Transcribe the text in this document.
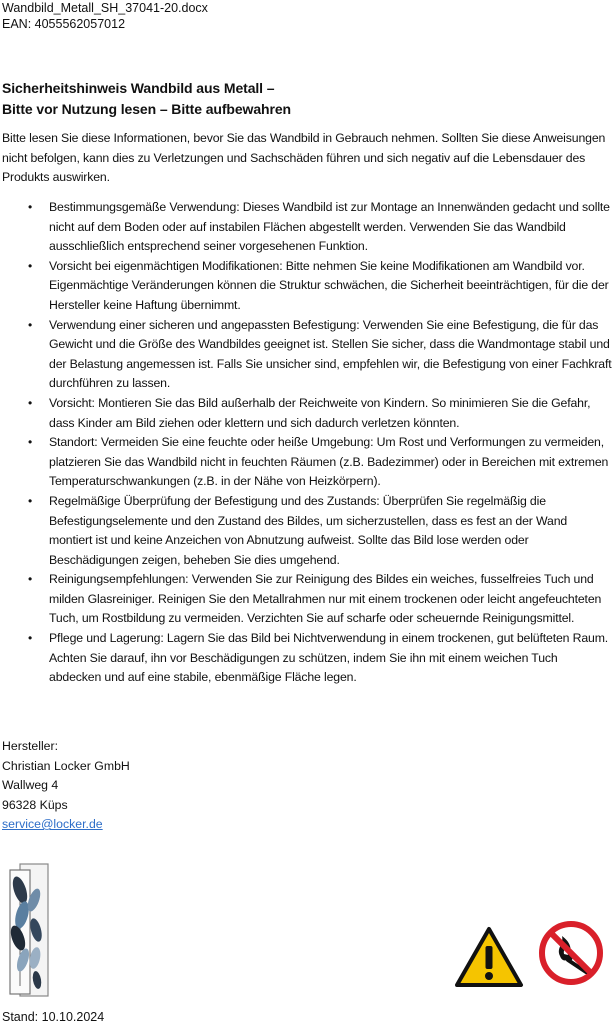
Wandbild_Metall_SH_37041-20.docx
EAN: 4055562057012
Sicherheitshinweis Wandbild aus Metall –
Bitte vor Nutzung lesen – Bitte aufbewahren
Bitte lesen Sie diese Informationen, bevor Sie das Wandbild in Gebrauch nehmen. Sollten Sie diese Anweisungen nicht befolgen, kann dies zu Verletzungen und Sachschäden führen und sich negativ auf die Lebensdauer des Produkts auswirken.
• Bestimmungsgemäße Verwendung: Dieses Wandbild ist zur Montage an Innenwänden gedacht und sollte nicht auf dem Boden oder auf instabilen Flächen abgestellt werden. Verwenden Sie das Wandbild ausschließlich entsprechend seiner vorgesehenen Funktion.
• Vorsicht bei eigenmächtigen Modifikationen: Bitte nehmen Sie keine Modifikationen am Wandbild vor. Eigenmächtige Veränderungen können die Struktur schwächen, die Sicherheit beeinträchtigen, für die der Hersteller keine Haftung übernimmt.
• Verwendung einer sicheren und angepassten Befestigung: Verwenden Sie eine Befestigung, die für das Gewicht und die Größe des Wandbildes geeignet ist. Stellen Sie sicher, dass die Wandmontage stabil und der Belastung angemessen ist. Falls Sie unsicher sind, empfehlen wir, die Befestigung von einer Fachkraft durchführen zu lassen.
• Vorsicht: Montieren Sie das Bild außerhalb der Reichweite von Kindern. So minimieren Sie die Gefahr, dass Kinder am Bild ziehen oder klettern und sich dadurch verletzen könnten.
• Standort: Vermeiden Sie eine feuchte oder heiße Umgebung: Um Rost und Verformungen zu vermeiden, platzieren Sie das Wandbild nicht in feuchten Räumen (z.B. Badezimmer) oder in Bereichen mit extremen Temperaturschwankungen (z.B. in der Nähe von Heizkörpern).
• Regelmäßige Überprüfung der Befestigung und des Zustands: Überprüfen Sie regelmäßig die Befestigungselemente und den Zustand des Bildes, um sicherzustellen, dass es fest an der Wand montiert ist und keine Anzeichen von Abnutzung aufweist. Sollte das Bild lose werden oder Beschädigungen zeigen, beheben Sie dies umgehend.
• Reinigungsempfehlungen: Verwenden Sie zur Reinigung des Bildes ein weiches, fusselfreies Tuch und milden Glasreiniger. Reinigen Sie den Metallrahmen nur mit einem trockenen oder leicht angefeuchteten Tuch, um Rostbildung zu vermeiden. Verzichten Sie auf scharfe oder scheuernde Reinigungsmittel.
• Pflege und Lagerung: Lagern Sie das Bild bei Nichtverwendung in einem trockenen, gut belüfteten Raum. Achten Sie darauf, ihn vor Beschädigungen zu schützen, indem Sie ihn mit einem weichen Tuch abdecken und auf eine stabile, ebenmäßige Fläche legen.
Hersteller:
Christian Locker GmbH
Wallweg 4
96328 Küps
service@locker.de
Stand: 10.10.2024
